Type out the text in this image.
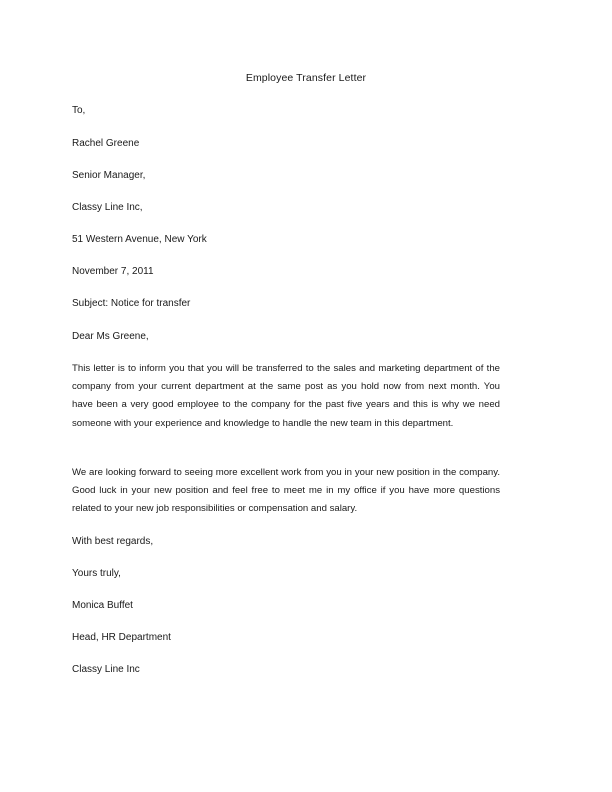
Employee Transfer Letter
To,
Rachel Greene
Senior Manager,
Classy Line Inc,
51 Western Avenue, New York
November 7, 2011
Subject: Notice for transfer
Dear Ms Greene,
This letter is to inform you that you will be transferred to the sales and marketing department of the company from your current department at the same post as you hold now from next month. You have been a very good employee to the company for the past five years and this is why we need someone with your experience and knowledge to handle the new team in this department.
We are looking forward to seeing more excellent work from you in your new position in the company. Good luck in your new position and feel free to meet me in my office if you have more questions related to your new job responsibilities or compensation and salary.
With best regards,
Yours truly,
Monica Buffet
Head, HR Department
Classy Line Inc
